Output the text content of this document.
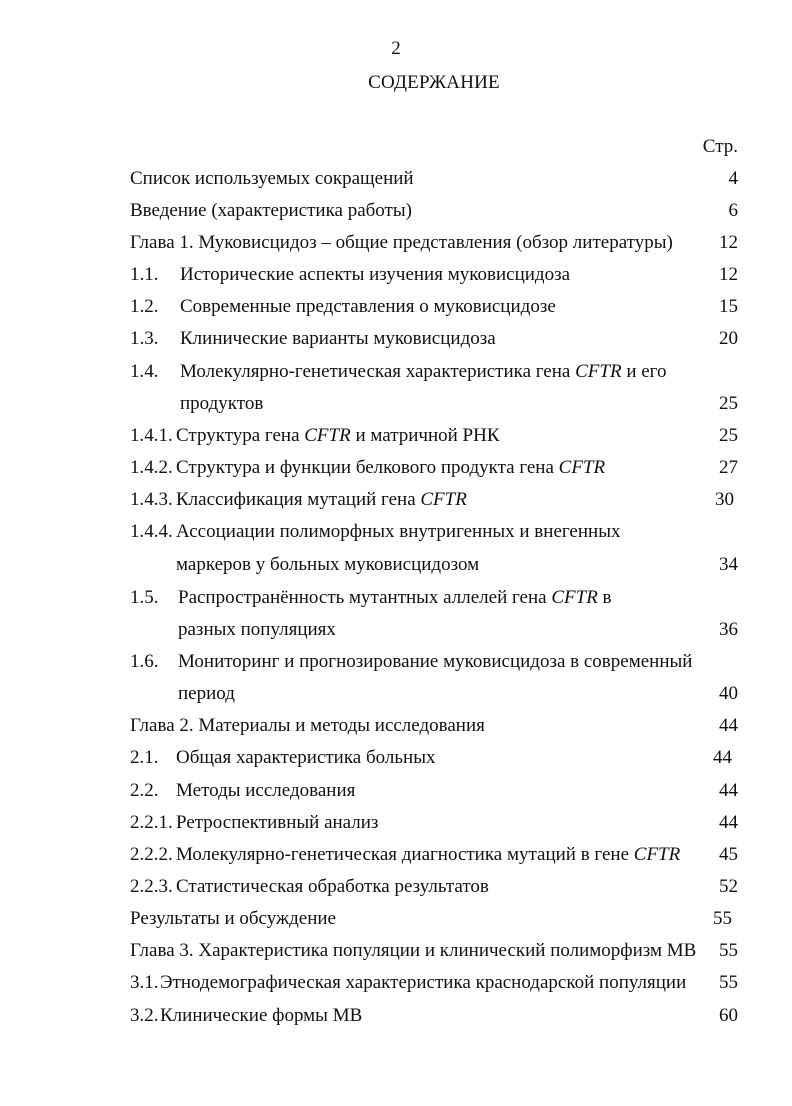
2
СОДЕРЖАНИЕ
Стр.
Список используемых сокращений	4
Введение (характеристика работы)	6
Глава 1. Муковисцидоз – общие представления (обзор литературы) 12
1.1. Исторические аспекты изучения муковисцидоза	12
1.2. Современные представления о муковисцидозе	15
1.3. Клинические варианты муковисцидоза	20
1.4. Молекулярно-генетическая характеристика гена CFTR и его
продуктов	25
1.4.1. Структура гена CFTR и матричной РНК	25
1.4.2. Структура и функции белкового продукта гена CFTR	27
1.4.3. Классификация мутаций гена CFTR	30
1.4.4. Ассоциации полиморфных внутригенных и внегенных
маркеров у больных муковисцидозом	34
1.5. Распространённость мутантных аллелей гена CFTR в
разных популяциях	36
1.6. Мониторинг и прогнозирование муковисцидоза в современный
период	40
Глава 2. Материалы и методы исследования	44
2.1. Общая характеристика больных	44
2.2. Методы исследования	44
2.2.1. Ретроспективный анализ	44
2.2.2. Молекулярно-генетическая диагностика мутаций в гене CFTR 45
2.2.3. Статистическая обработка результатов	52
Результаты и обсуждение	55
Глава 3. Характеристика популяции и клинический полиморфизм МВ 55
3.1. Этнодемографическая характеристика краснодарской популяции 55
3.2. Клинические формы МВ	60
